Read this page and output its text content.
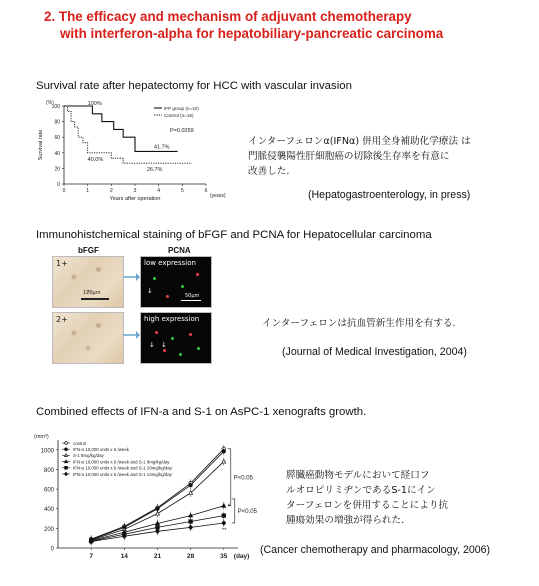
2. The efficacy and mechanism of adjuvant chemotherapy
with interferon-alpha for hepatobiliary-pancreatic carcinoma
Survival rate after hepatectomy for HCC with vascular invasion
0
20
40
60
80
100
0	1	2	3	4	5	6
(%)
(years)
Years after operation
Survival rate
IFP group (n=10)
Control (n=15)
100%
41.7%
40.0%
26.7%
P=0.0259
インターフェロンα(IFNα) 併用全身補助化学療法 は
門脈侵襲陽性肝細胞癌の切除後生存率を有意に
改善した.
(Hepatogastroenterology, in press)
Immunohistchemical staining of bFGF and PCNA for Hepatocellular carcinoma
bFGF	PCNA
1+
170µm
2+
low expression
↓
50µm
high expression
↓ ↓
インターフェロンは抗血管新生作用を有する.
(Journal of Medical Investigation, 2004)
Combined effects of IFN-a and S-1 on AsPC-1 xenografts growth.
0
200
400
600
800
1000
7	14	21	28	35
(mm³)
(day)
control
IFN-α 10,000 units x 6 /week
S-1 8mg/kg/day
IFN-α 10,000 units x 6 /week and S-1 8mg/kg/day
IFN-α 10,000 units x 6 /week and S-1 10mg/kg/day
IFN-α 10,000 units x 6 /week and S-1 12mg/kg/day
P<0.05
P<0.05
*
**
膵臓癌動物モデルにおいて経口フ
ルオロピリミヂンであるS-1にイン
ターフェロンを併用することにより抗
腫瘍効果の増強が得られた.
(Cancer chemotherapy and pharmacology, 2006)
